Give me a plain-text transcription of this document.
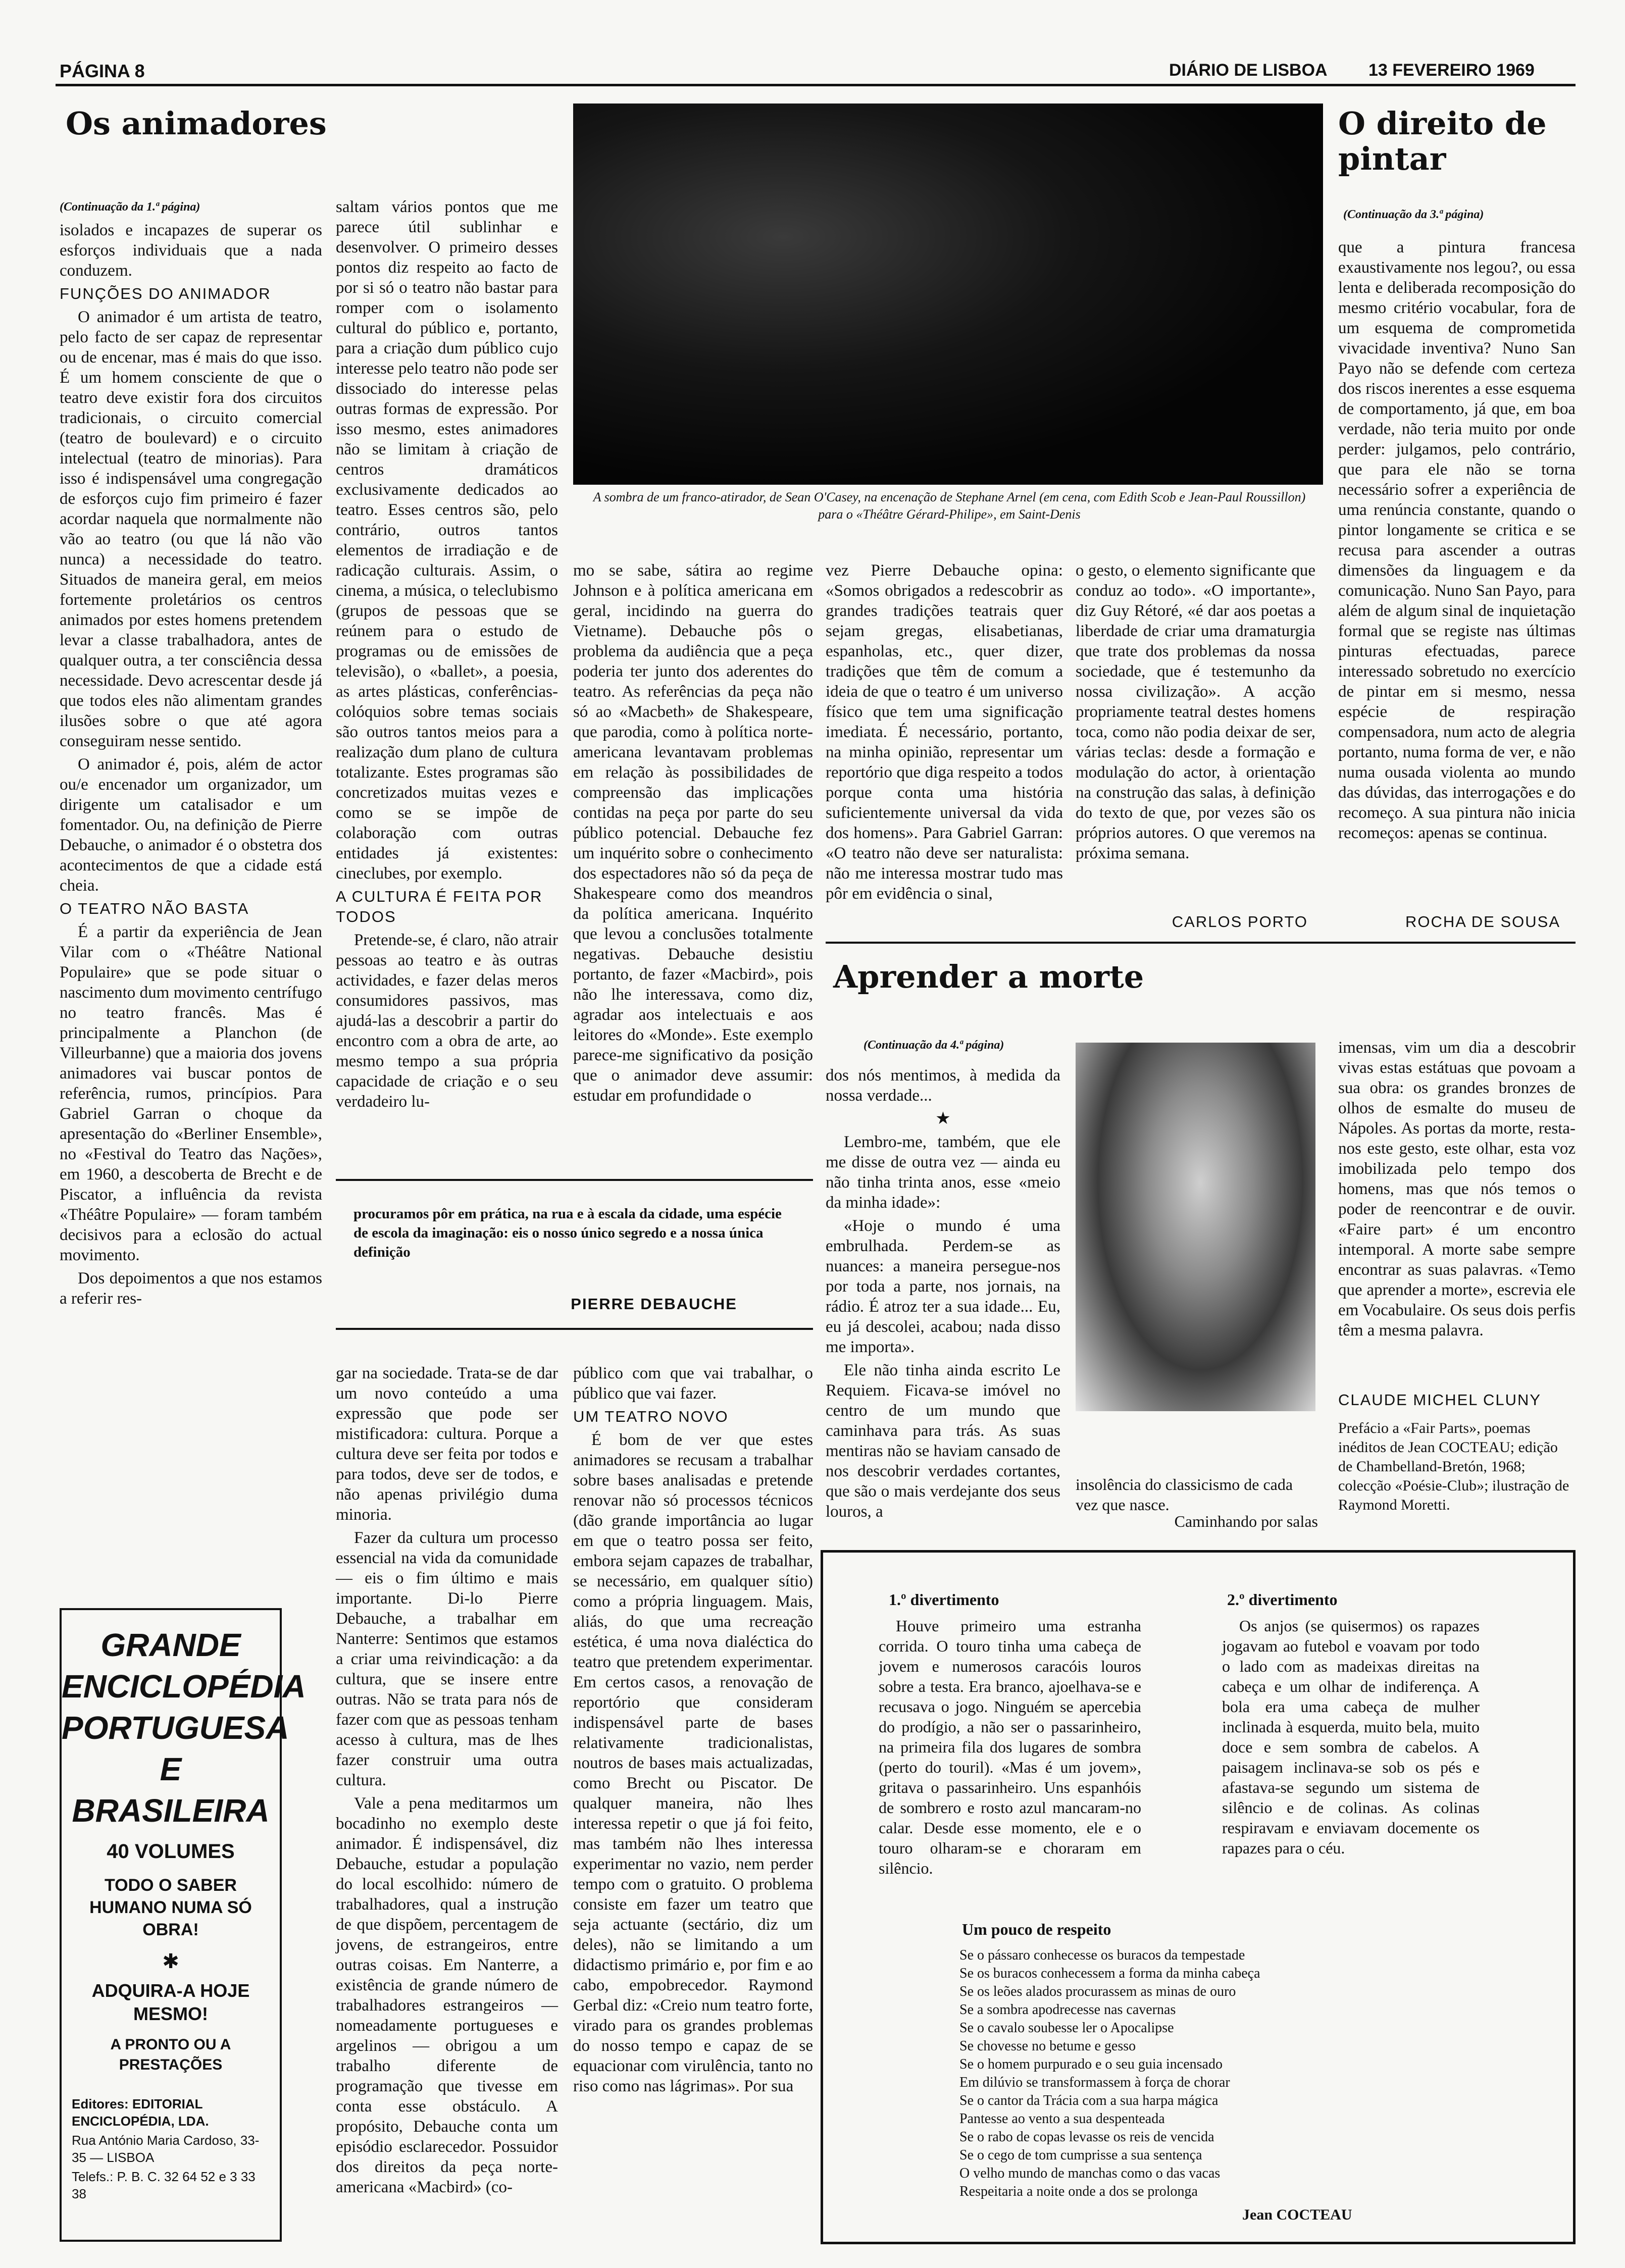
PÁGINA 8	DIÁRIO DE LISBOA 13 FEVEREIRO 1969
Os animadores

(Continuação da 1.ª página)

isolados e incapazes de superar os esforços individuais que a nada conduzem.

FUNÇÕES DO ANIMADOR

O animador é um artista de teatro, pelo facto de ser capaz de representar ou de encenar, mas é mais do que isso. É um homem consciente de que o teatro deve existir fora dos circuitos tradicionais, o circuito comercial (teatro de boulevard) e o circuito intelectual (teatro de minorias). Para isso é indispensável uma congregação de esforços cujo fim primeiro é fazer acordar naquela que normalmente não vão ao teatro (ou que lá não vão nunca) a necessidade do teatro. Situados de maneira geral, em meios fortemente proletários os centros animados por estes homens pretendem levar a classe trabalhadora, antes de qualquer outra, a ter consciência dessa necessidade. Devo acrescentar desde já que todos eles não alimentam grandes ilusões sobre o que até agora conseguiram nesse sentido.

O animador é, pois, além de actor ou/e encenador um organizador, um dirigente um catalisador e um fomentador. Ou, na definição de Pierre Debauche, o animador é o obstetra dos acontecimentos de que a cidade está cheia.

O TEATRO NÃO BASTA

É a partir da experiência de Jean Vilar com o «Théâtre National Populaire» que se pode situar o nascimento dum movimento centrífugo no teatro francês. Mas é principalmente a Planchon (de Villeurbanne) que a maioria dos jovens animadores vai buscar pontos de referência, rumos, princípios. Para Gabriel Garran o choque da apresentação do «Berliner Ensemble», no «Festival do Teatro das Nações», em 1960, a descoberta de Brecht e de Piscator, a influência da revista «Théâtre Populaire» — foram também decisivos para a eclosão do actual movimento.

Dos depoimentos a que nos estamos a referir res-

saltam vários pontos que me parece útil sublinhar e desenvolver. O primeiro desses pontos diz respeito ao facto de por si só o teatro não bastar para romper com o isolamento cultural do público e, portanto, para a criação dum público cujo interesse pelo teatro não pode ser dissociado do interesse pelas outras formas de expressão. Por isso mesmo, estes animadores não se limitam à criação de centros dramáticos exclusivamente dedicados ao teatro. Esses centros são, pelo contrário, outros tantos elementos de irradiação e de radicação culturais. Assim, o cinema, a música, o teleclubismo (grupos de pessoas que se reúnem para o estudo de programas ou de emissões de televisão), o «ballet», a poesia, as artes plásticas, conferências-colóquios sobre temas sociais são outros tantos meios para a realização dum plano de cultura totalizante. Estes programas são concretizados muitas vezes e como se se impõe de colaboração com outras entidades já existentes: cineclubes, por exemplo.

A CULTURA É FEITA POR TODOS

Pretende-se, é claro, não atrair pessoas ao teatro e às outras actividades, e fazer delas meros consumidores passivos, mas ajudá-las a descobrir a partir do encontro com a obra de arte, ao mesmo tempo a sua própria capacidade de criação e o seu verdadeiro lu-

A sombra de um franco-atirador, de Sean O'Casey, na encenação de Stephane Arnel (em cena, com Edith Scob e Jean-Paul Roussillon) para o «Théâtre Gérard-Philipe», em Saint-Denis

mo se sabe, sátira ao regime Johnson e à política americana em geral, incidindo na guerra do Vietname). Debauche pôs o problema da audiência que a peça poderia ter junto dos aderentes do teatro. As referências da peça não só ao «Macbeth» de Shakespeare, que parodia, como à política norte-americana levantavam problemas em relação às possibilidades de compreensão das implicações contidas na peça por parte do seu público potencial. Debauche fez um inquérito sobre o conhecimento dos espectadores não só da peça de Shakespeare como dos meandros da política americana. Inquérito que levou a conclusões totalmente negativas. Debauche desistiu portanto, de fazer «Macbird», pois não lhe interessava, como diz, agradar aos intelectuais e aos leitores do «Monde». Este exemplo parece-me significativo da posição que o animador deve assumir: estudar em profundidade o

vez Pierre Debauche opina: «Somos obrigados a redescobrir as grandes tradições teatrais quer sejam gregas, elisabetianas, espanholas, etc., quer dizer, tradições que têm de comum a ideia de que o teatro é um universo físico que tem uma significação imediata. É necessário, portanto, na minha opinião, representar um reportório que diga respeito a todos porque conta uma história suficientemente universal da vida dos homens». Para Gabriel Garran: «O teatro não deve ser naturalista: não me interessa mostrar tudo mas pôr em evidência o sinal,

o gesto, o elemento significante que conduz ao todo». «O importante», diz Guy Rétoré, «é dar aos poetas a liberdade de criar uma dramaturgia que trate dos problemas da nossa sociedade, que é testemunho da nossa civilização». A acção propriamente teatral destes homens toca, como não podia deixar de ser, várias teclas: desde a formação e modulação do actor, à orientação na construção das salas, à definição do texto de que, por vezes são os próprios autores. O que veremos na próxima semana.

CARLOS PORTO
procuramos pôr em prática, na rua e à escala da cidade, uma espécie de escola da imaginação: eis o nosso único segredo e a nossa única definição
PIERRE DEBAUCHE

gar na sociedade. Trata-se de dar um novo conteúdo a uma expressão que pode ser mistificadora: cultura. Porque a cultura deve ser feita por todos e para todos, deve ser de todos, e não apenas privilégio duma minoria.

Fazer da cultura um processo essencial na vida da comunidade — eis o fim último e mais importante. Di-lo Pierre Debauche, a trabalhar em Nanterre: Sentimos que estamos a criar uma reivindicação: a da cultura, que se insere entre outras. Não se trata para nós de fazer com que as pessoas tenham acesso à cultura, mas de lhes fazer construir uma outra cultura.

Vale a pena meditarmos um bocadinho no exemplo deste animador. É indispensável, diz Debauche, estudar a população do local escolhido: número de trabalhadores, qual a instrução de que dispõem, percentagem de jovens, de estrangeiros, entre outras coisas. Em Nanterre, a existência de grande número de trabalhadores estrangeiros — nomeadamente portugueses e argelinos — obrigou a um trabalho diferente de programação que tivesse em conta esse obstáculo. A propósito, Debauche conta um episódio esclarecedor. Possuidor dos direitos da peça norte-americana «Macbird» (co-

público com que vai trabalhar, o público que vai fazer.

UM TEATRO NOVO

É bom de ver que estes animadores se recusam a trabalhar sobre bases analisadas e pretende renovar não só processos técnicos (dão grande importância ao lugar em que o teatro possa ser feito, embora sejam capazes de trabalhar, se necessário, em qualquer sítio) como a própria linguagem. Mais, aliás, do que uma recreação estética, é uma nova dialéctica do teatro que pretendem experimentar. Em certos casos, a renovação de reportório que consideram indispensável parte de bases relativamente tradicionalistas, noutros de bases mais actualizadas, como Brecht ou Piscator. De qualquer maneira, não lhes interessa repetir o que já foi feito, mas também não lhes interessa experimentar no vazio, nem perder tempo com o gratuito. O problema consiste em fazer um teatro que seja actuante (sectário, diz um deles), não se limitando a um didactismo primário e, por fim e ao cabo, empobrecedor. Raymond Gerbal diz: «Creio num teatro forte, virado para os grandes problemas do nosso tempo e capaz de se equacionar com virulência, tanto no riso como nas lágrimas». Por sua

O direito de pintar
(Continuação da 3.ª página)

que a pintura francesa exaustivamente nos legou?, ou essa lenta e deliberada recomposição do mesmo critério vocabular, fora de um esquema de comprometida vivacidade inventiva? Nuno San Payo não se defende com certeza dos riscos inerentes a esse esquema de comportamento, já que, em boa verdade, não teria muito por onde perder: julgamos, pelo contrário, que para ele não se torna necessário sofrer a experiência de uma renúncia constante, quando o pintor longamente se critica e se recusa para ascender a outras dimensões da linguagem e da comunicação. Nuno San Payo, para além de algum sinal de inquietação formal que se registe nas últimas pinturas efectuadas, parece interessado sobretudo no exercício de pintar em si mesmo, nessa espécie de respiração compensadora, num acto de alegria portanto, numa forma de ver, e não numa ousada violenta ao mundo das dúvidas, das interrogações e do recomeço. A sua pintura não inicia recomeços: apenas se continua.

ROCHA DE SOUSA
Aprender a morte
(Continuação da 4.ª página)

dos nós mentimos, à medida da nossa verdade...

★

Lembro-me, também, que ele me disse de outra vez — ainda eu não tinha trinta anos, esse «meio da minha idade»:

«Hoje o mundo é uma embrulhada. Perdem-se as nuances: a maneira persegue-nos por toda a parte, nos jornais, na rádio. É atroz ter a sua idade... Eu, eu já descolei, acabou; nada disso me importa».

Ele não tinha ainda escrito Le Requiem. Ficava-se imóvel no centro de um mundo que caminhava para trás. As suas mentiras não se haviam cansado de nos descobrir verdades cortantes, que são o mais verdejante dos seus louros, a

insolência do classicismo de cada vez que nasce.
Caminhando por salas

imensas, vim um dia a descobrir vivas estas estátuas que povoam a sua obra: os grandes bronzes de olhos de esmalte do museu de Nápoles. As portas da morte, resta-nos este gesto, este olhar, esta voz imobilizada pelo tempo dos homens, mas que nós temos o poder de reencontrar e de ouvir. «Faire part» é um encontro intemporal. A morte sabe sempre encontrar as suas palavras. «Temo que aprender a morte», escrevia ele em Vocabulaire. Os seus dois perfis têm a mesma palavra.

CLAUDE MICHEL CLUNY
Prefácio a «Fair Parts», poemas inéditos de Jean COCTEAU; edição de Chambelland-Bretón, 1968; colecção «Poésie-Club»; ilustração de Raymond Moretti.
1.º divertimento
Houve primeiro uma estranha corrida. O touro tinha uma cabeça de jovem e numerosos caracóis louros sobre a testa. Era branco, ajoelhava-se e recusava o jogo. Ninguém se apercebia do prodígio, a não ser o passarinheiro, na primeira fila dos lugares de sombra (perto do touril). «Mas é um jovem», gritava o passarinheiro. Uns espanhóis de sombrero e rosto azul mancaram-no calar. Desde esse momento, ele e o touro olharam-se e choraram em silêncio.
2.º divertimento
Os anjos (se quisermos) os rapazes jogavam ao futebol e voavam por todo o lado com as madeixas direitas na cabeça e um olhar de indiferença. A bola era uma cabeça de mulher inclinada à esquerda, muito bela, muito doce e sem sombra de cabelos. A paisagem inclinava-se sob os pés e afastava-se segundo um sistema de silêncio e de colinas. As colinas respiravam e enviavam docemente os rapazes para o céu.
Um pouco de respeito

Se o pássaro conhecesse os buracos da tempestade

Se os buracos conhecessem a forma da minha cabeça

Se os leões alados procurassem as minas de ouro

Se a sombra apodrecesse nas cavernas

Se o cavalo soubesse ler o Apocalipse

Se chovesse no betume e gesso

Se o homem purpurado e o seu guia incensado

Em dilúvio se transformassem à força de chorar

Se o cantor da Trácia com a sua harpa mágica

Pantesse ao vento a sua despenteada

Se o rabo de copas levasse os reis de vencida

Se o cego de tom cumprisse a sua sentença

O velho mundo de manchas como o das vacas

Respeitaria a noite onde a dos se prolonga

Jean COCTEAU
GRANDE
ENCICLOPÉDIA
PORTUGUESA
E BRASILEIRA
40 VOLUMES
TODO O SABER HUMANO NUMA SÓ OBRA!
✱
ADQUIRA-A HOJE MESMO!
A PRONTO OU A PRESTAÇÕES
Editores: EDITORIAL ENCICLOPÉDIA, LDA.
Rua António Maria Cardoso, 33-35 — LISBOA
Telefs.: P. B. C. 32 64 52 e 3 33 38
